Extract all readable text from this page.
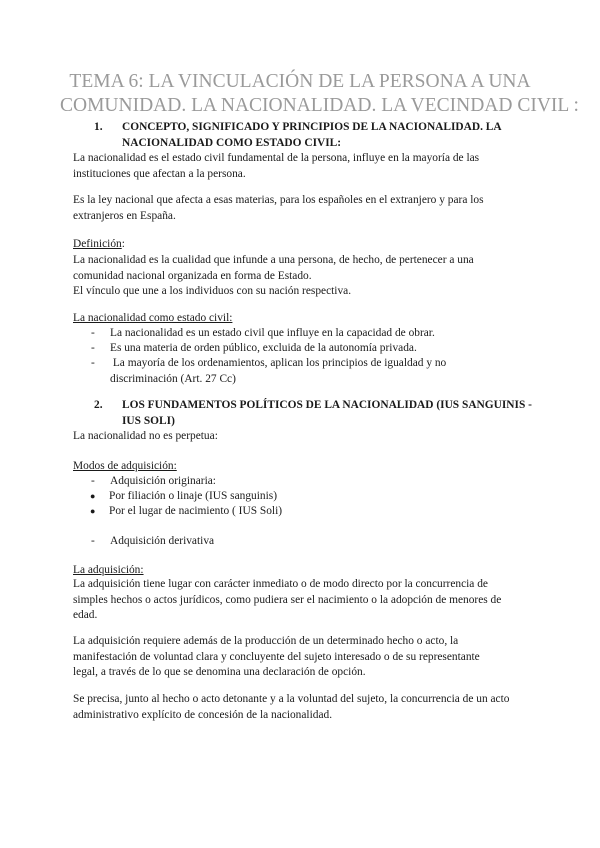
TEMA 6: LA VINCULACIÓN DE LA PERSONA A UNA
COMUNIDAD. LA NACIONALIDAD. LA VECINDAD CIVIL :
1. CONCEPTO, SIGNIFICADO Y PRINCIPIOS DE LA NACIONALIDAD. LA
NACIONALIDAD COMO ESTADO CIVIL:
La nacionalidad es el estado civil fundamental de la persona, influye en la mayoría de las
instituciones que afectan a la persona.
Es la ley nacional que afecta a esas materias, para los españoles en el extranjero y para los
extranjeros en España.
Definición:
La nacionalidad es la cualidad que infunde a una persona, de hecho, de pertenecer a una
comunidad nacional organizada en forma de Estado.
El vínculo que une a los individuos con su nación respectiva.
La nacionalidad como estado civil:
- La nacionalidad es un estado civil que influye en la capacidad de obrar.
- Es una materia de orden público, excluida de la autonomía privada.
- La mayoría de los ordenamientos, aplican los principios de igualdad y no
discriminación (Art. 27 Cc)
2. LOS FUNDAMENTOS POLÍTICOS DE LA NACIONALIDAD (IUS SANGUINIS -
IUS SOLI)
La nacionalidad no es perpetua:
Modos de adquisición:
- Adquisición originaria:
● Por filiación o linaje (IUS sanguinis)
● Por el lugar de nacimiento ( IUS Soli)
- Adquisición derivativa
La adquisición:
La adquisición tiene lugar con carácter inmediato o de modo directo por la concurrencia de
simples hechos o actos jurídicos, como pudiera ser el nacimiento o la adopción de menores de
edad.
La adquisición requiere además de la producción de un determinado hecho o acto, la
manifestación de voluntad clara y concluyente del sujeto interesado o de su representante
legal, a través de lo que se denomina una declaración de opción.
Se precisa, junto al hecho o acto detonante y a la voluntad del sujeto, la concurrencia de un acto
administrativo explícito de concesión de la nacionalidad.
